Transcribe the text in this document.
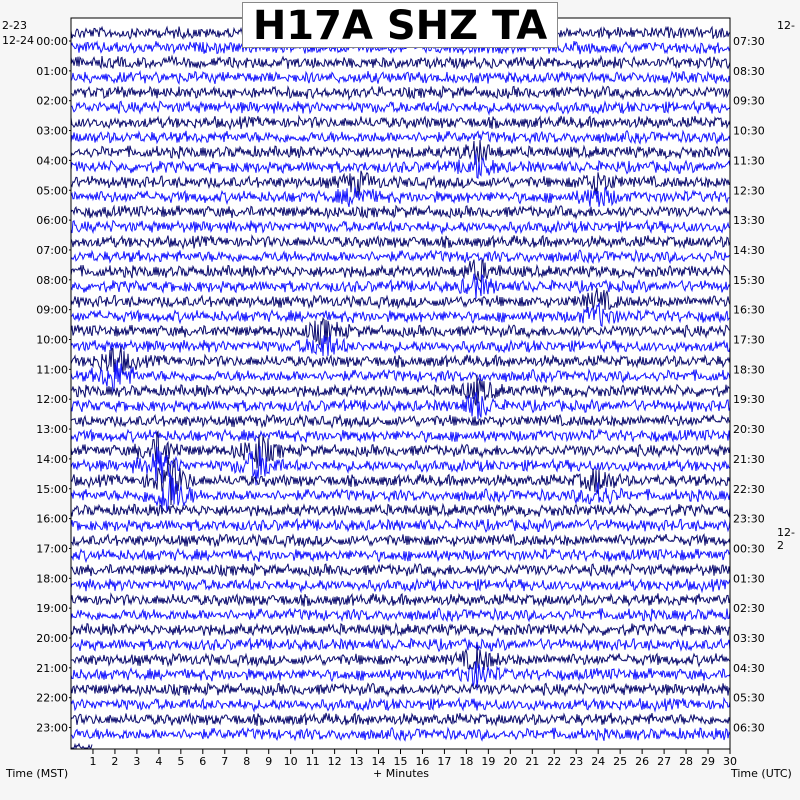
1 2 3 4 5 6 7 8 9 10 11 12 13 14 15 16 17 18 19 20 21 22 23 24 25 26 27 28 29 30
00:00
01:00
02:00
03:00
04:00
05:00
06:00
07:00
08:00
09:00
10:00
11:00
12:00
13:00
14:00
15:00
16:00
17:00
18:00
19:00
20:00
21:00
22:00
23:00
07:30
08:30
09:30
10:30
11:30
12:30
13:30
14:30
15:30
16:30
17:30
18:30
19:30
20:30
21:30
22:30
23:30
00:30
01:30
02:30
03:30
04:30
05:30
06:30
H17A SHZ TA
2-23
12-24
12-
12-2
Time (MST)	+ Minutes	Time (UTC)
